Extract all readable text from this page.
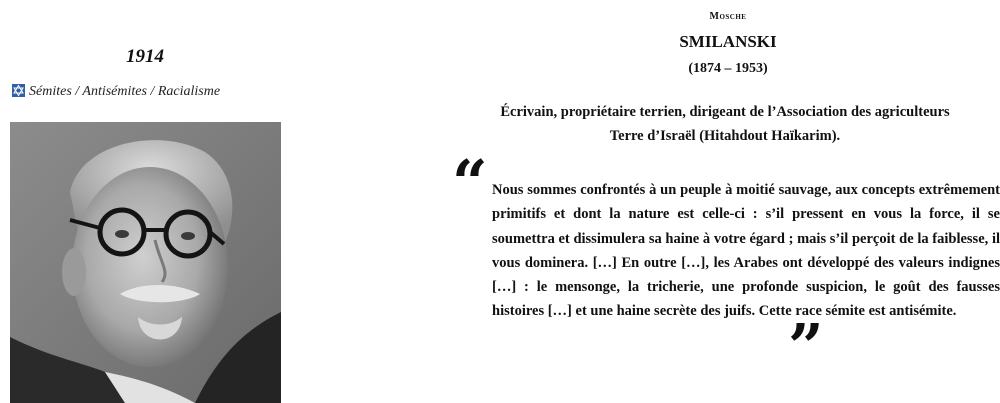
1914
Sémites / Antisémites / Racialisme
Mosche
SMILANSKI
(1874 – 1953)
Écrivain, propriétaire terrien, dirigeant de l’Association des agriculteurs Terre d’Israël (Hitahdout Haïkarim).
“ Nous sommes confrontés à un peuple à moitié sauvage, aux concepts extrêmement primitifs et dont la nature est celle-ci : s’il pressent en vous la force, il se soumettra et dissimulera sa haine à votre égard ; mais s’il perçoit de la faiblesse, il vous dominera. […] En outre […], les Arabes ont développé des valeurs indignes […] : le mensonge, la tricherie, une profonde suspicion, le goût des fausses histoires […] et une haine secrète des juifs. Cette race sémite est antisémite.
”
